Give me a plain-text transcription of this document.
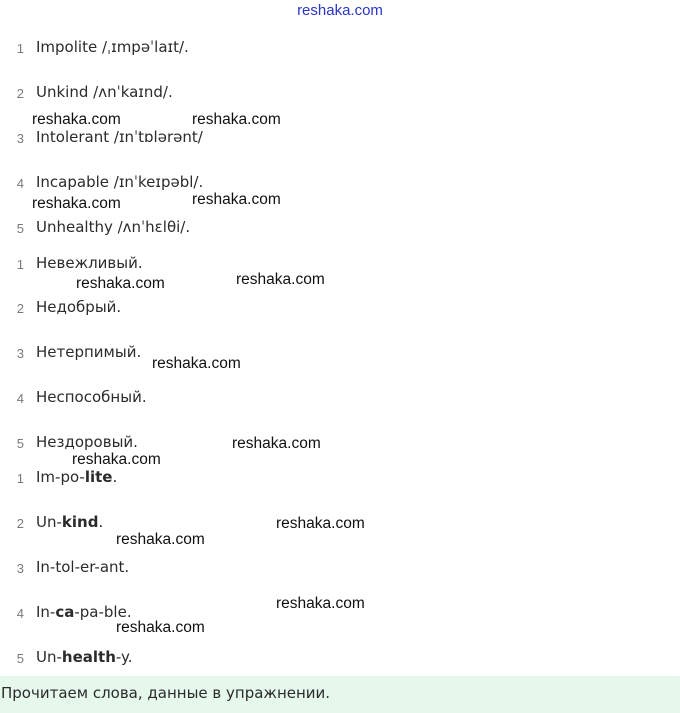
reshaka.com
1 Impolite /ˌɪmpəˈlaɪt/.
2 Unkind /ʌnˈkaɪnd/.
3 Intolerant /ɪnˈtɒlərənt/
4 Incapable /ɪnˈkeɪpəbl/.
5 Unhealthy /ʌnˈhɛlθi/.
1 Невежливый.
2 Недобрый.
3 Нетерпимый.
4 Неспособный.
5 Нездоровый.
1 Im-po-lite.
2 Un-kind.
3 In-tol-er-ant.
4 In-ca-pa-ble.
5 Un-health-y.
reshaka.com	reshaka.com
reshaka.com	reshaka.com
reshaka.com	reshaka.com
reshaka.com
reshaka.com
reshaka.com
reshaka.com
reshaka.com
reshaka.com
reshaka.com
Прочитаем слова, данные в упражнении.
